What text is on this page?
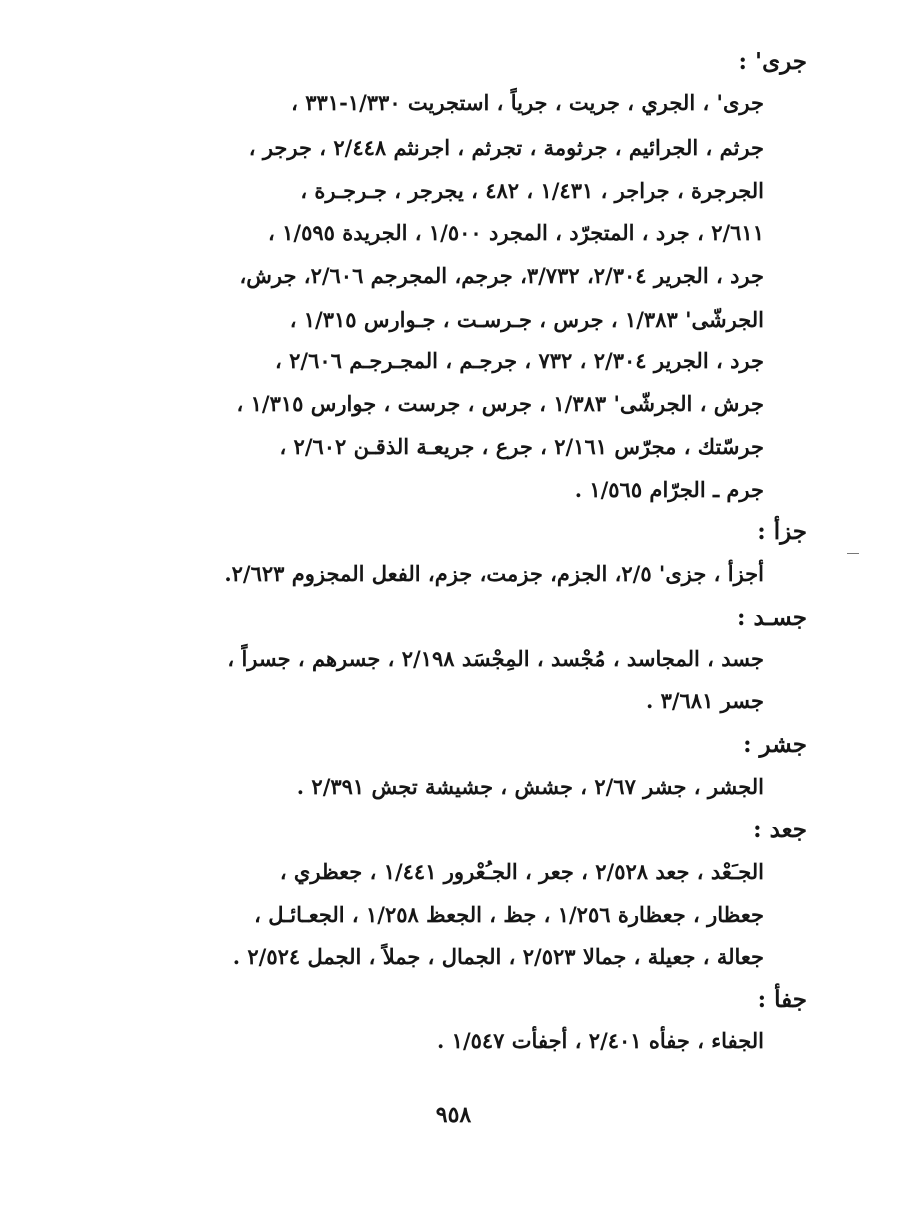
جرى' :
جرى' ، الجري ، جريت ، جرياً ، استجريت ١/٣٣٠-٣٣١ ،
جرثم ، الجرائيم ، جرثومة ، تجرثم ، اجرنثم ٢/٤٤٨ ، جرجر ،
الجرجرة ، جراجر ، ١/٤٣١ ، ٤٨٢ ، يجرجر ، جـرجـرة ،
٢/٦١١ ، جرد ، المتجرّد ، المجرد ١/٥٠٠ ، الجريدة ١/٥٩٥ ،
جرد ، الجرير ٢/٣٠٤، ٣/٧٣٢، جرجم، المجرجم ٢/٦٠٦، جرش،
الجرشّى' ١/٣٨٣ ، جرس ، جـرسـت ، جـوارس ١/٣١٥ ،
جرد ، الجرير ٢/٣٠٤ ، ٧٣٢ ، جرجـم ، المجـرجـم ٢/٦٠٦ ،
جرش ، الجرشّى' ١/٣٨٣ ، جرس ، جرست ، جوارس ١/٣١٥ ،
جرسّتك ، مجرّس ٢/١٦١ ، جرع ، جريعـة الذقـن ٢/٦٠٢ ،
جرم ـ الجرّام ١/٥٦٥ .
جزأ :
أجزأ ، جزى' ٢/٥، الجزم، جزمت، جزم، الفعل المجزوم ٢/٦٢٣.
جسـد :
جسد ، المجاسد ، مُجْسد ، المِجْسَد ٢/١٩٨ ، جسرهم ، جسراً ،
جسر ٣/٦٨١ .
جشر :
الجشر ، جشر ٢/٦٧ ، جشش ، جشيشة تجش ٢/٣٩١ .
جعد :
الجـَعْد ، جعد ٢/٥٢٨ ، جعر ، الجـُعْرور ١/٤٤١ ، جعظري ،
جعظار ، جعظارة ١/٢٥٦ ، جظ ، الجعظ ١/٢٥٨ ، الجعـائـل ،
جعالة ، جعيلة ، جمالا ٢/٥٢٣ ، الجمال ، جملاً ، الجمل ٢/٥٢٤ .
جفأ :
الجفاء ، جفأه ٢/٤٠١ ، أجفأت ١/٥٤٧ .
٩٥٨
